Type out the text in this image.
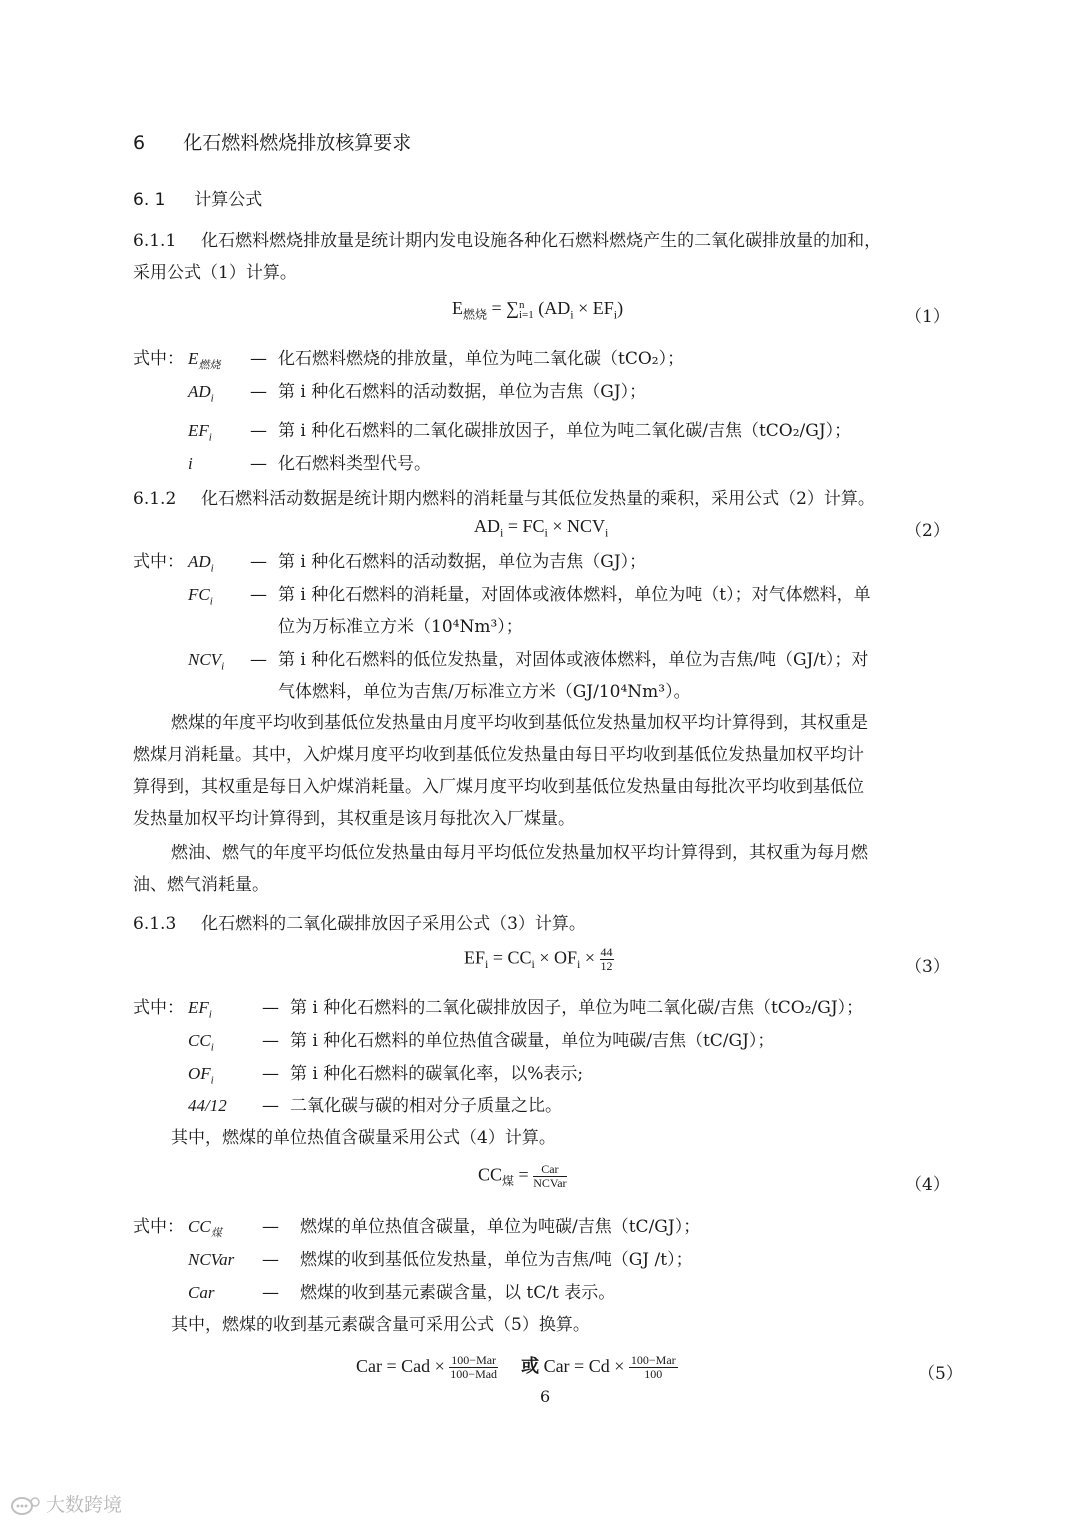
6 化石燃料燃烧排放核算要求
6. 1 计算公式
6.1.1 化石燃料燃烧排放量是统计期内发电设施各种化石燃料燃烧产生的二氧化碳排放量的加和，
采用公式（1）计算。
$E_{燃烧}$ = ∑ n
i=1 $(AD_i \times EF_i)$	（1）
式中： $E_{燃烧}$ — 化石燃料燃烧的排放量，单位为吨二氧化碳（tCO₂）；
$AD_i$ — 第 i 种化石燃料的活动数据，单位为吉焦（GJ）；
$EF_i$ — 第 i 种化石燃料的二氧化碳排放因子，单位为吨二氧化碳/吉焦（tCO₂/GJ）；
i	— 化石燃料类型代号。
6.1.2 化石燃料活动数据是统计期内燃料的消耗量与其低位发热量的乘积，采用公式（2）计算。
$AD_i = FC_i \times NCV_i$	（2）
式中： $AD_i$ — 第 i 种化石燃料的活动数据，单位为吉焦（GJ）；
$FC_i$ — 第 i 种化石燃料的消耗量，对固体或液体燃料，单位为吨（t）；对气体燃料，单
位为万标准立方米（10⁴Nm³）；
$NCV_i$ — 第 i 种化石燃料的低位发热量，对固体或液体燃料，单位为吉焦/吨（GJ/t）；对
气体燃料，单位为吉焦/万标准立方米（GJ/10⁴Nm³）。
燃煤的年度平均收到基低位发热量由月度平均收到基低位发热量加权平均计算得到，其权重是
燃煤月消耗量。其中，入炉煤月度平均收到基低位发热量由每日平均收到基低位发热量加权平均计
算得到，其权重是每日入炉煤消耗量。入厂煤月度平均收到基低位发热量由每批次平均收到基低位
发热量加权平均计算得到，其权重是该月每批次入厂煤量。
燃油、燃气的年度平均低位发热量由每月平均低位发热量加权平均计算得到，其权重为每月燃
油、燃气消耗量。
6.1.3 化石燃料的二氧化碳排放因子采用公式（3）计算。
$EF_i = CC_i \times OF_i \times \frac{44}{12}$	（3）
式中： $EF_i$	— 第 i 种化石燃料的二氧化碳排放因子，单位为吨二氧化碳/吉焦（tCO₂/GJ）；
$CC_i$	— 第 i 种化石燃料的单位热值含碳量，单位为吨碳/吉焦（tC/GJ）；
$OF_i$	— 第 i 种化石燃料的碳氧化率，以%表示;
44/12 — 二氧化碳与碳的相对分子质量之比。
其中，燃煤的单位热值含碳量采用公式（4）计算。
$CC_煤$ = Car
NCVar	（4）
式中： $CC_煤$ — 燃煤的单位热值含碳量，单位为吨碳/吉焦（tC/GJ）；
NCVar — 燃煤的收到基低位发热量，单位为吉焦/吨（GJ /t）；
Car	— 燃煤的收到基元素碳含量，以 tC/t 表示。
其中，燃煤的收到基元素碳含量可采用公式（5）换算。
Car = Cad × 100−Mar
100−Mad 或 Car = Cd × 100−Mar
100	（5）
6
大数跨境
